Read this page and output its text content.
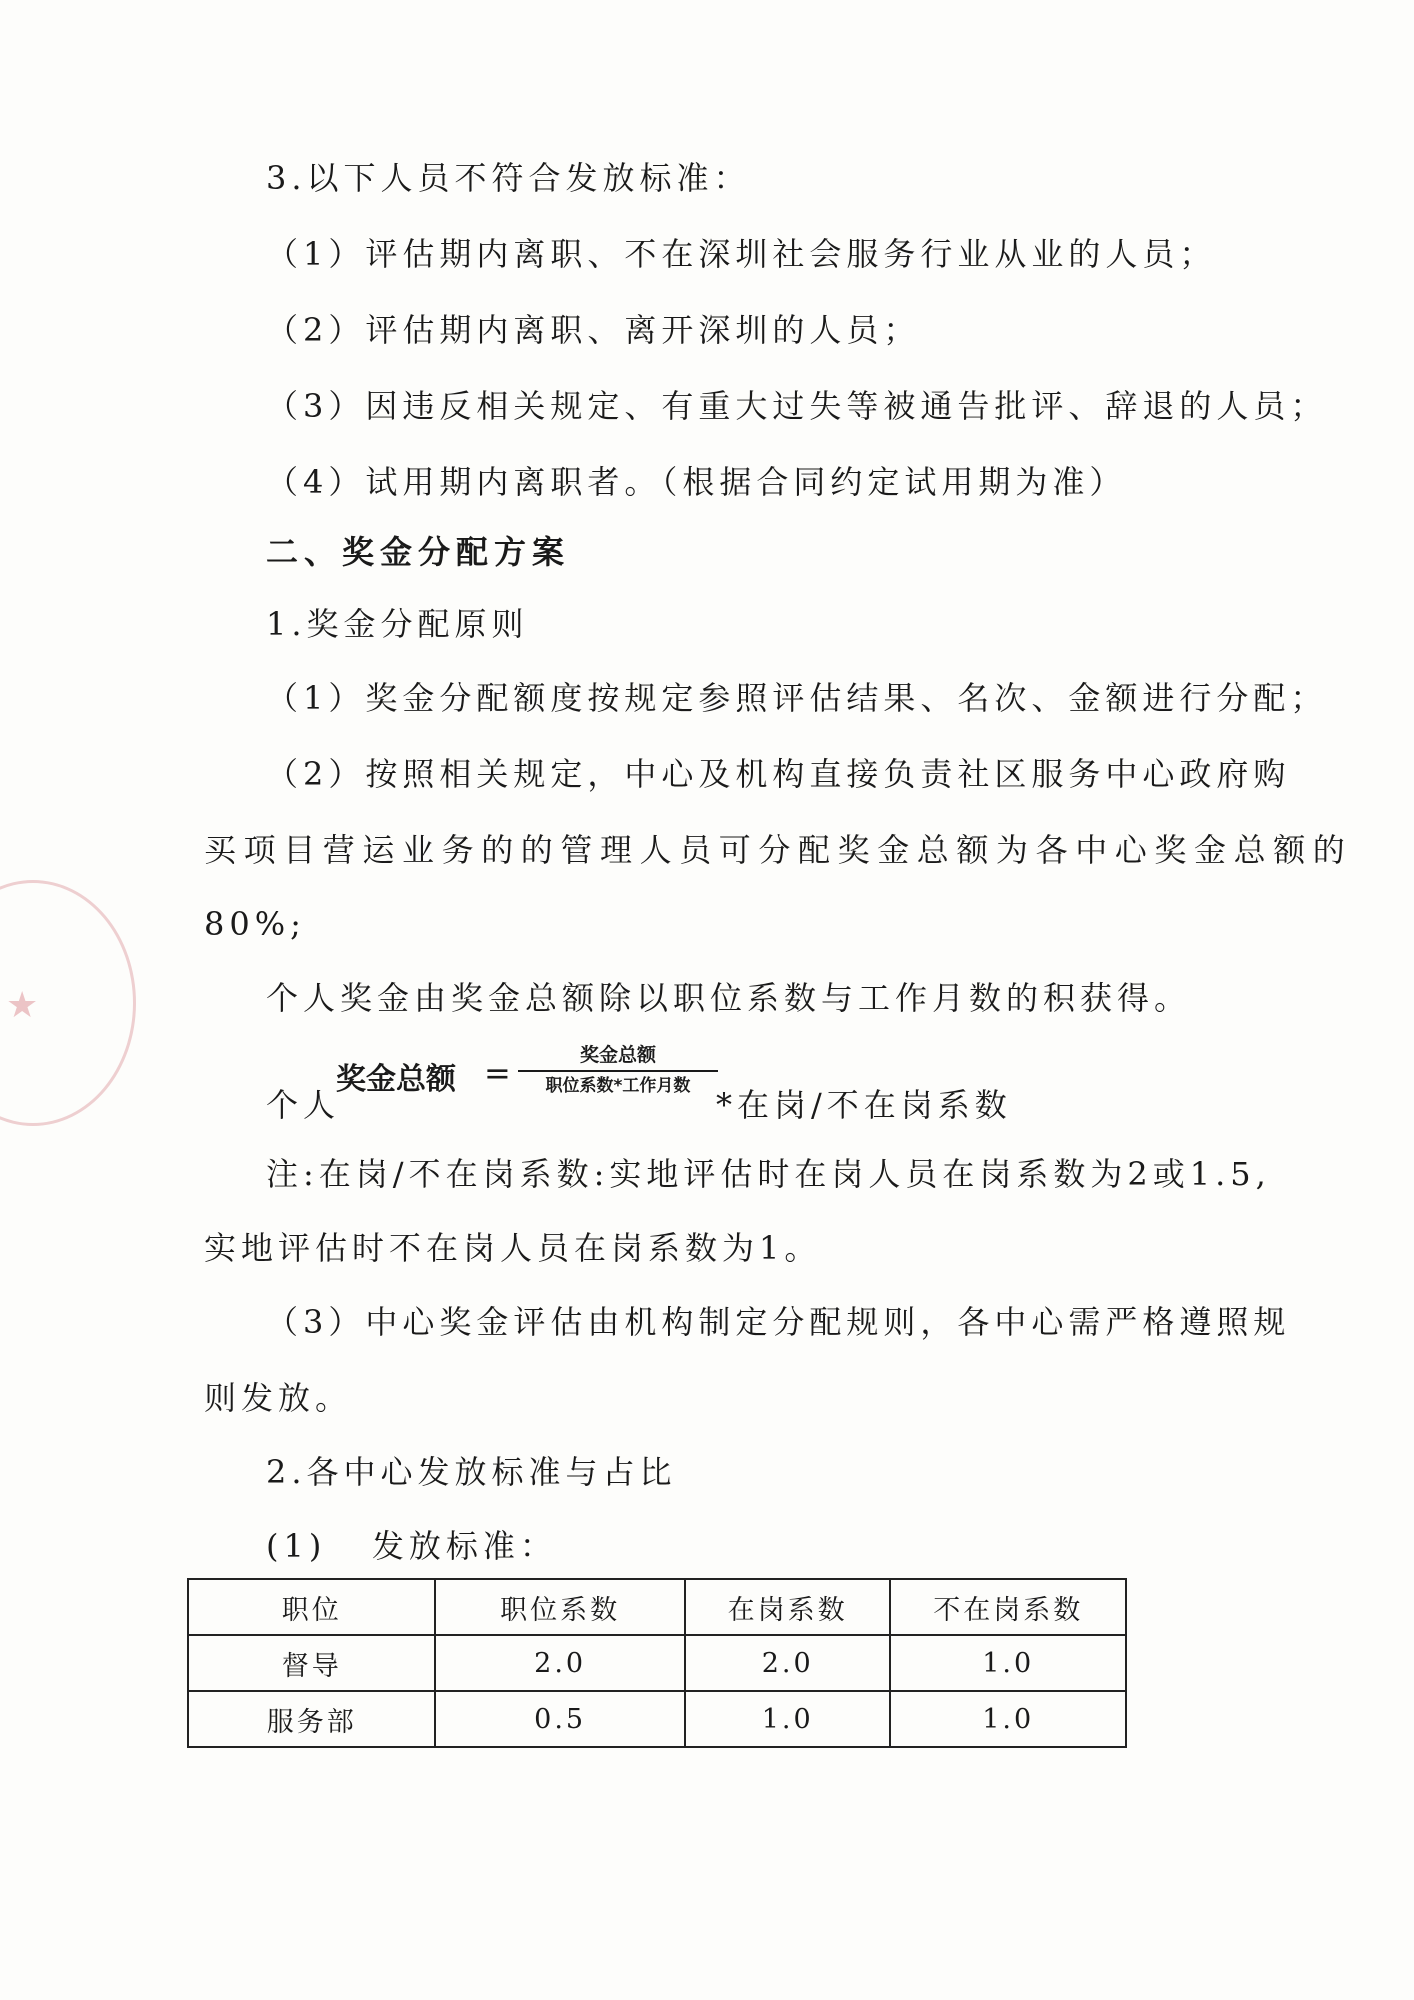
★
3.以下人员不符合发放标准：
（1）评估期内离职、不在深圳社会服务行业从业的人员；
（2）评估期内离职、离开深圳的人员；
（3）因违反相关规定、有重大过失等被通告批评、辞退的人员；
（4）试用期内离职者。（根据合同约定试用期为准）
二、奖金分配方案
1.奖金分配原则
（1）奖金分配额度按规定参照评估结果、名次、金额进行分配；
（2）按照相关规定，中心及机构直接负责社区服务中心政府购
买项目营运业务的的管理人员可分配奖金总额为各中心奖金总额的
80%;
个人奖金由奖金总额除以职位系数与工作月数的积获得。
个人
奖金总额 =	奖金总额
职位系数*工作月数 *在岗/不在岗系数
注:在岗/不在岗系数:实地评估时在岗人员在岗系数为2或1.5,
实地评估时不在岗人员在岗系数为1。
（3）中心奖金评估由机构制定分配规则，各中心需严格遵照规
则发放。
2.各中心发放标准与占比
(1)   发放标准：
职位	职位系数	在岗系数	不在岗系数
督导	2.0	2.0	1.0
服务部	0.5	1.0	1.0
